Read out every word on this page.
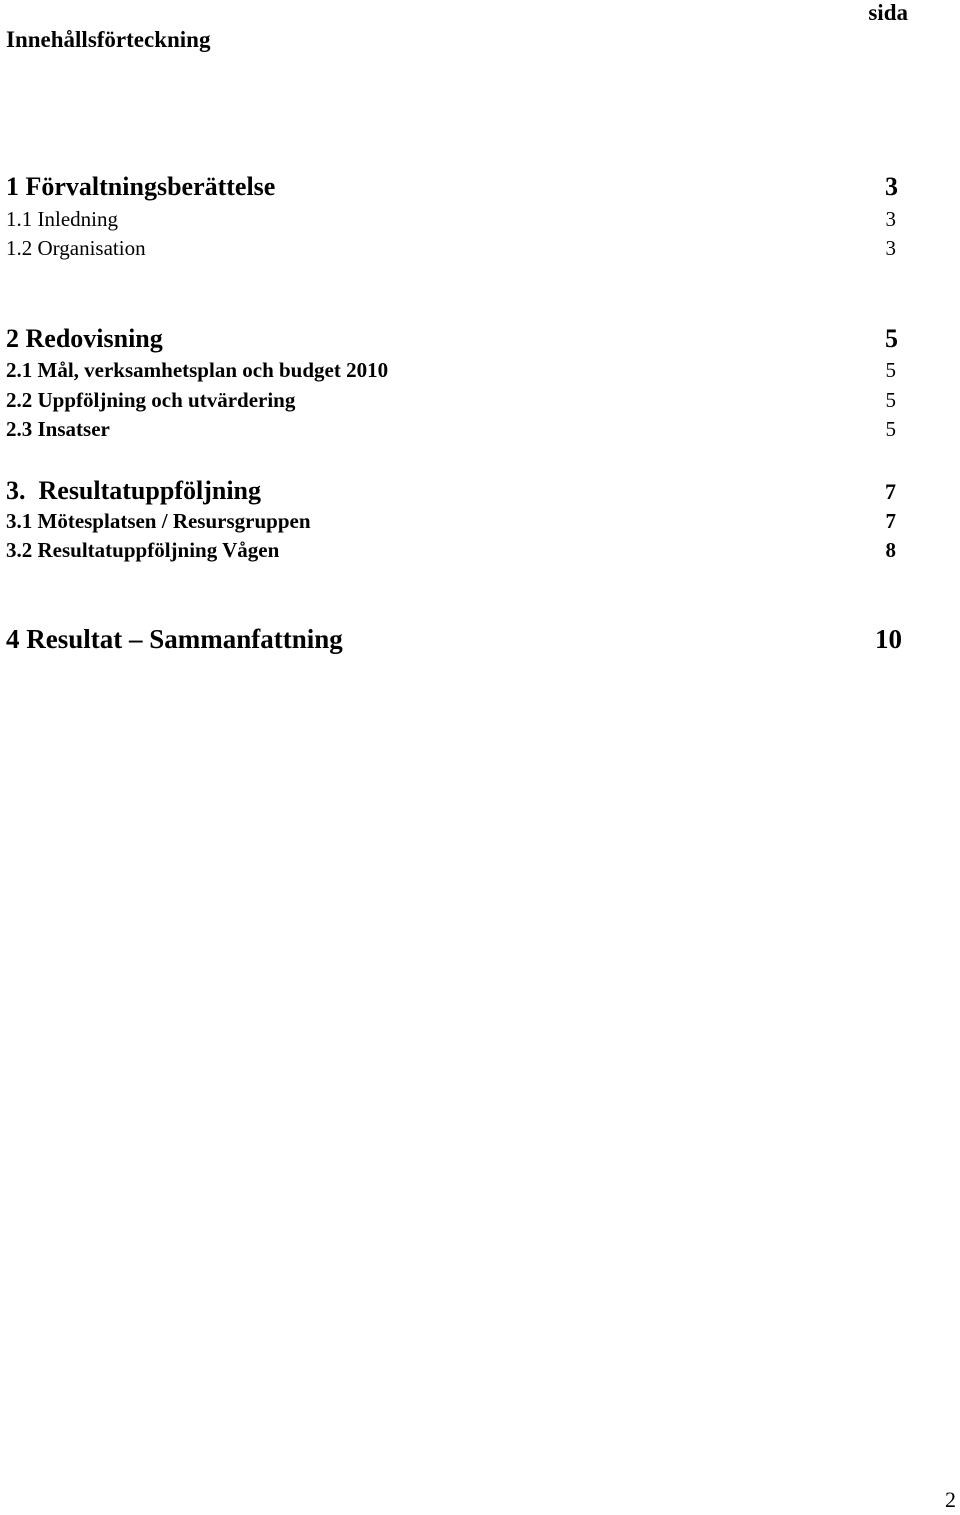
Innehållsförteckning
sida
1 Förvaltningsberättelse	3
1.1 Inledning	3
1.2 Organisation	3
2 Redovisning	5
2.1 Mål, verksamhetsplan och budget 2010	5
2.2 Uppföljning och utvärdering	5
2.3 Insatser	5
3.  Resultatuppföljning	7
3.1 Mötesplatsen / Resursgruppen	7
3.2 Resultatuppföljning Vågen	8
4 Resultat – Sammanfattning	10
2
